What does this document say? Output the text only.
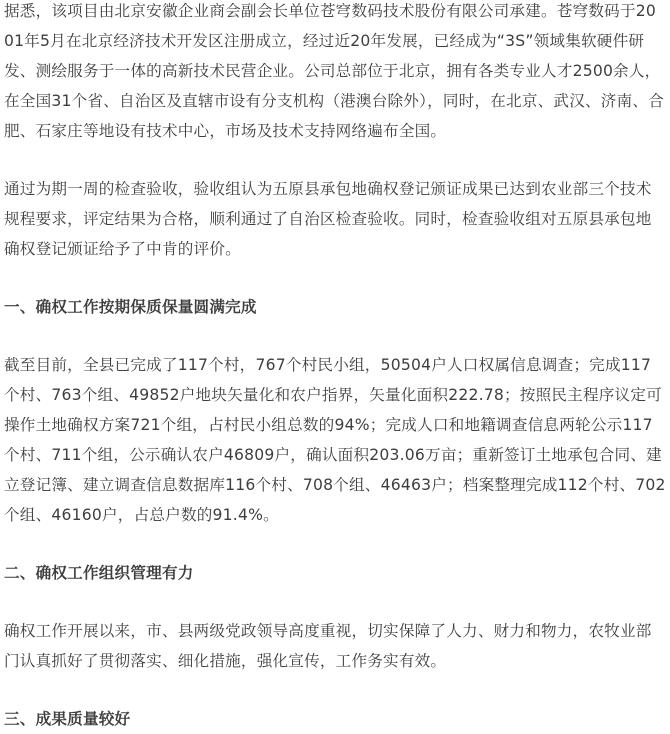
据悉，该项目由北京安徽企业商会副会长单位苍穹数码技术股份有限公司承建。苍穹数码于2001年5月在北京经济技术开发区注册成立，经过近20年发展，已经成为“3S”领域集软硬件研发、测绘服务于一体的高新技术民营企业。公司总部位于北京，拥有各类专业人才2500余人，在全国31个省、自治区及直辖市设有分支机构（港澳台除外），同时，在北京、武汉、济南、合肥、石家庄等地设有技术中心，市场及技术支持网络遍布全国。

通过为期一周的检查验收，验收组认为五原县承包地确权登记颁证成果已达到农业部三个技术规程要求，评定结果为合格，顺利通过了自治区检查验收。同时，检查验收组对五原县承包地确权登记颁证给予了中肯的评价。

一、确权工作按期保质保量圆满完成

截至目前，全县已完成了117个村，767个村民小组，50504户人口权属信息调查；完成117个村、763个组、49852户地块矢量化和农户指界，矢量化面积222.78；按照民主程序议定可操作土地确权方案721个组，占村民小组总数的94%；完成人口和地籍调查信息两轮公示117个村、711个组，公示确认农户46809户，确认面积203.06万亩；重新签订土地承包合同、建立登记簿、建立调查信息数据库116个村、708个组、46463户；档案整理完成112个村、702个组、46160户，占总户数的91.4%。

二、确权工作组织管理有力

确权工作开展以来，市、县两级党政领导高度重视，切实保障了人力、财力和物力，农牧业部门认真抓好了贯彻落实、细化措施，强化宣传，工作务实有效。

三、成果质量较好
